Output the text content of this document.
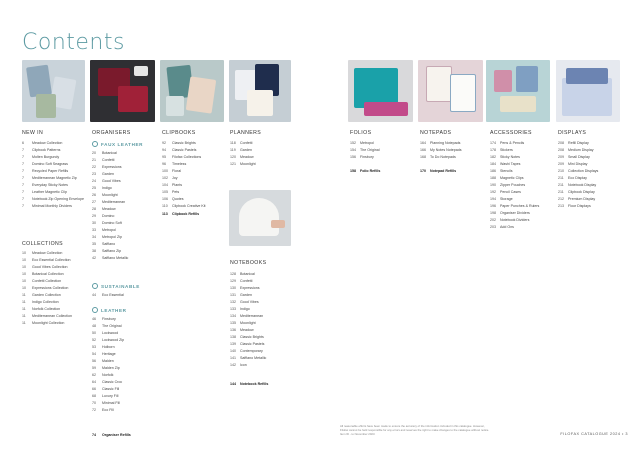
Contents
NEW IN
6 Meadow Collection
7 Clipbook Patterns
7 Molten Burgundy
7 Domino Soft Seagrass
7 Recycled Paper Refills
7 Mediterranean Magnetic Zip
7 Everyday Sticky Notes
7 Leather Magnetic Clip
7 Notebook Zip Opening Envelope
7 Minimal Monthly Dividers
COLLECTIONS
10 Meadow Collection
10 Eco Essential Collection
10 Good Vibes Collection
10 Botanical Collection
10 Confetti Collection
10 Expressions Collection
11 Garden Collection
11 Indigo Collection
11 Norfolk Collection
11 Mediterranean Collection
11 Moonlight Collection
ORGANISERS
FAUX LEATHER
20 Botanical
21 Confetti
22 Expressions
23 Garden
24 Good Vibes
25 Indigo
26 Moonlight
27 Mediterranean
28 Meadow
29 Domino
30 Domino Soft
33 Metropol
34 Metropol Zip
35 Saffiano
38 Saffiano Zip
42 Saffiano Metallic
SUSTAINABLE
44 Eco Essential
LEATHER
46 Finsbury
48 The Original
50 Lockwood
52 Lockwood Zip
53 Holborn
54 Heritage
56 Malden
59 Malden Zip
62 Norfolk
64 Classic Croc
66 Classic Fill
68 Luxury Fill
70 Minimal Fill
72 Eco Fill
74 Organiser Refills
CLIPBOOKS
92 Classic Brights
94 Classic Pastels
95 Filofax Collections
96 Timeless
100 Floral
102 Joy
104 Plants
105 Pets
106 Quotes
110 Clipbook Creative Kit
113 Clipbook Refills
PLANNERS
118 Confetti
119 Garden
120 Meadow
121 Moonlight
NOTEBOOKS
128 Botanical
129 Confetti
130 Expressions
131 Garden
132 Good Vibes
133 Indigo
134 Mediterranean
135 Moonlight
136 Meadow
138 Classic Brights
139 Classic Pastels
140 Contemporary
141 Saffiano Metallic
142 Icon
144 Notebook Refills
FOLIOS
152 Metropol
154 The Original
156 Finsbury
158 Folio Refills
NOTEPADS
164 Planning Notepads
166 My Notes Notepads
168 To Do Notepads
170 Notepad Refills
ACCESSORIES
174 Pens & Pencils
178 Stickers
182 Sticky Notes
184 Washi Tapes
186 Stencils
188 Magnetic Clips
190 Zipper Pouches
192 Pencil Cases
194 Storage
196 Paper Punches & Rulers
198 Organiser Dividers
202 Notebook Dividers
203 Add Ons
DISPLAYS
208 Refill Display
208 Medium Display
209 Small Display
209 Mini Display
210 Collection Displays
211 Eco Display
211 Notebook Display
211 Clipbook Display
212 Premium Display
213 Floor Displays
All reasonable efforts have been made to ensure the accuracy of the information included in this catalogue. However, Filofax cannot be held responsible for any errors and reserves the right to make changes to the catalogue without notice. Item ID - to November 2023.	FILOFAX CATALOGUE 2024 • 3
